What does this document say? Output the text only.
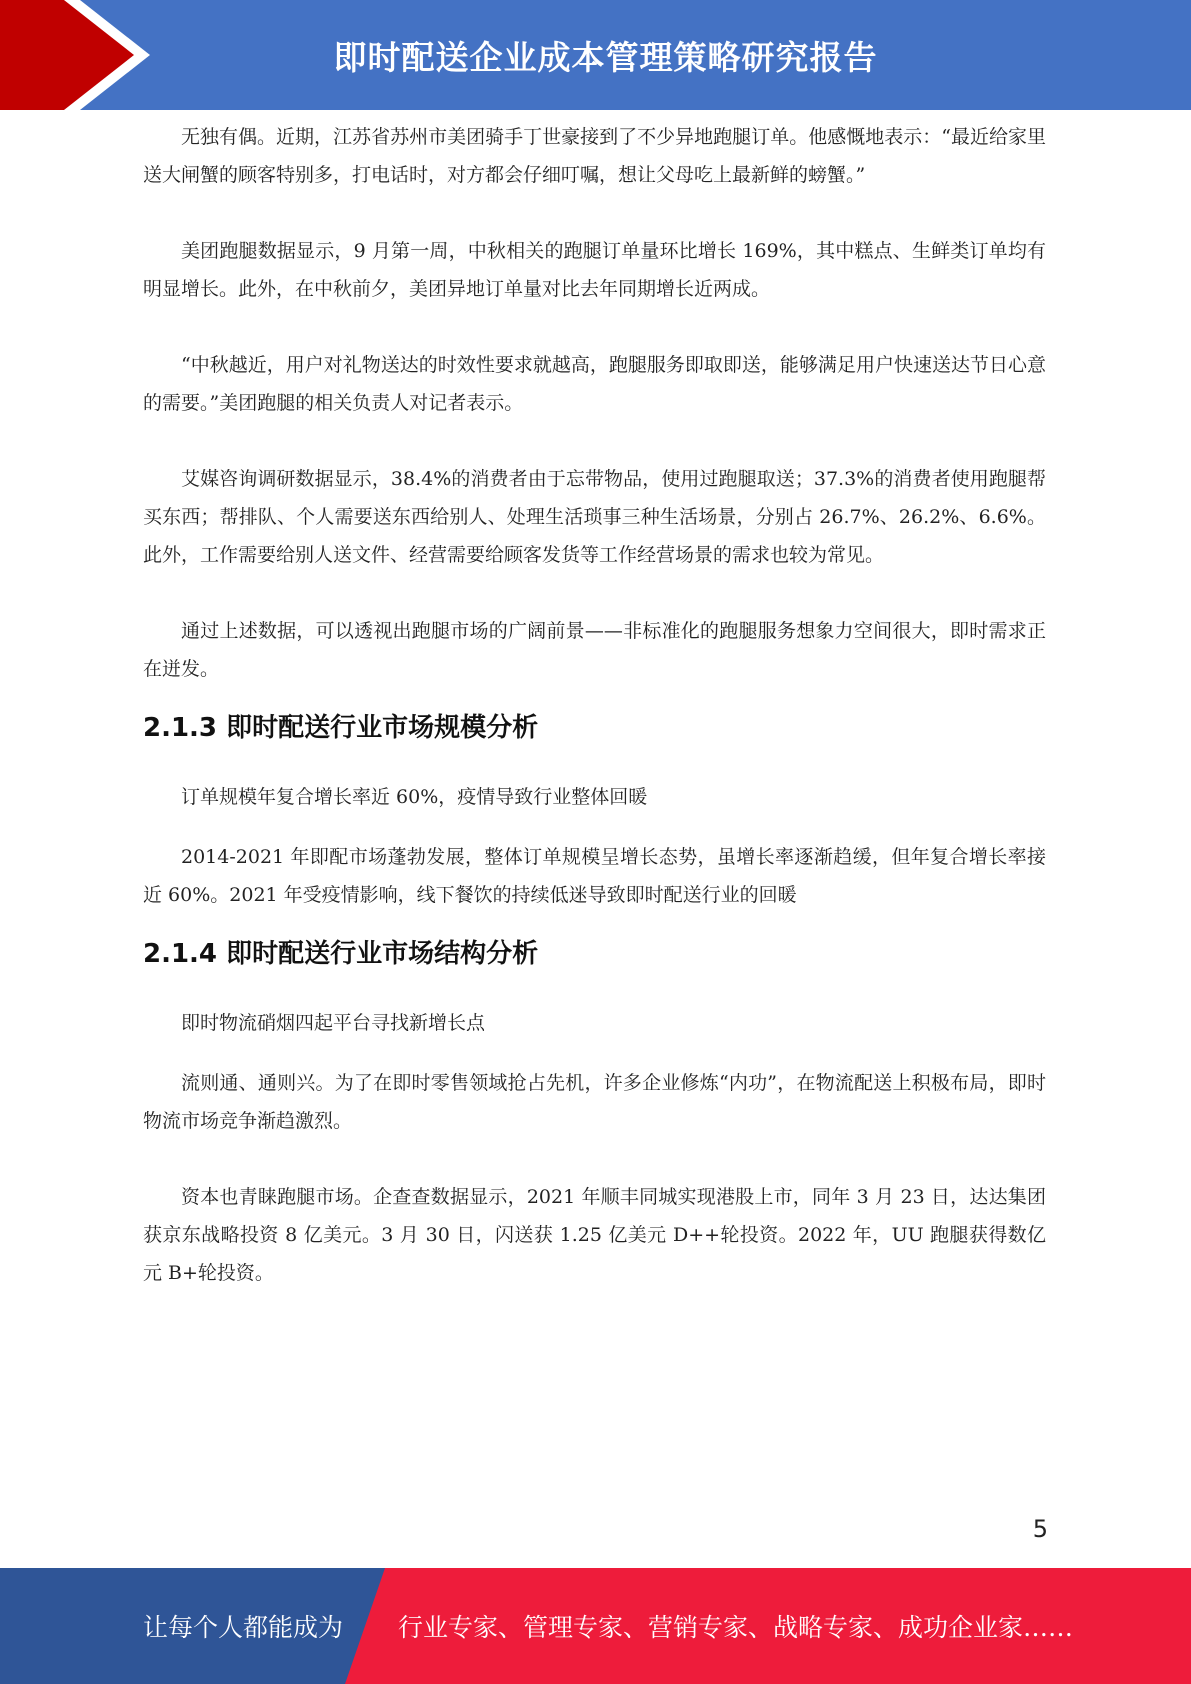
即时配送企业成本管理策略研究报告

无独有偶。近期，江苏省苏州市美团骑手丁世豪接到了不少异地跑腿订单。他感慨地表示：“最近给家里送大闸蟹的顾客特别多，打电话时，对方都会仔细叮嘱，想让父母吃上最新鲜的螃蟹。”

美团跑腿数据显示，9 月第一周，中秋相关的跑腿订单量环比增长 169%，其中糕点、生鲜类订单均有明显增长。此外，在中秋前夕，美团异地订单量对比去年同期增长近两成。

“中秋越近，用户对礼物送达的时效性要求就越高，跑腿服务即取即送，能够满足用户快速送达节日心意的需要。”美团跑腿的相关负责人对记者表示。

艾媒咨询调研数据显示，38.4%的消费者由于忘带物品，使用过跑腿取送；37.3%的消费者使用跑腿帮买东西；帮排队、个人需要送东西给别人、处理生活琐事三种生活场景，分别占 26.7%、26.2%、6.6%。此外，工作需要给别人送文件、经营需要给顾客发货等工作经营场景的需求也较为常见。

通过上述数据，可以透视出跑腿市场的广阔前景——非标准化的跑腿服务想象力空间很大，即时需求正在迸发。

2.1.3 即时配送行业市场规模分析

订单规模年复合增长率近 60%，疫情导致行业整体回暖

2014-2021 年即配市场蓬勃发展，整体订单规模呈增长态势，虽增长率逐渐趋缓，但年复合增长率接近 60%。2021 年受疫情影响，线下餐饮的持续低迷导致即时配送行业的回暖

2.1.4 即时配送行业市场结构分析

即时物流硝烟四起平台寻找新增长点

流则通、通则兴。为了在即时零售领域抢占先机，许多企业修炼“内功”，在物流配送上积极布局，即时物流市场竞争渐趋激烈。

资本也青睐跑腿市场。企查查数据显示，2021 年顺丰同城实现港股上市，同年 3 月 23 日，达达集团获京东战略投资 8 亿美元。3 月 30 日，闪送获 1.25 亿美元 D++轮投资。2022 年，UU 跑腿获得数亿元 B+轮投资。

5
让每个人都能成为 行业专家、管理专家、营销专家、战略专家、成功企业家……
